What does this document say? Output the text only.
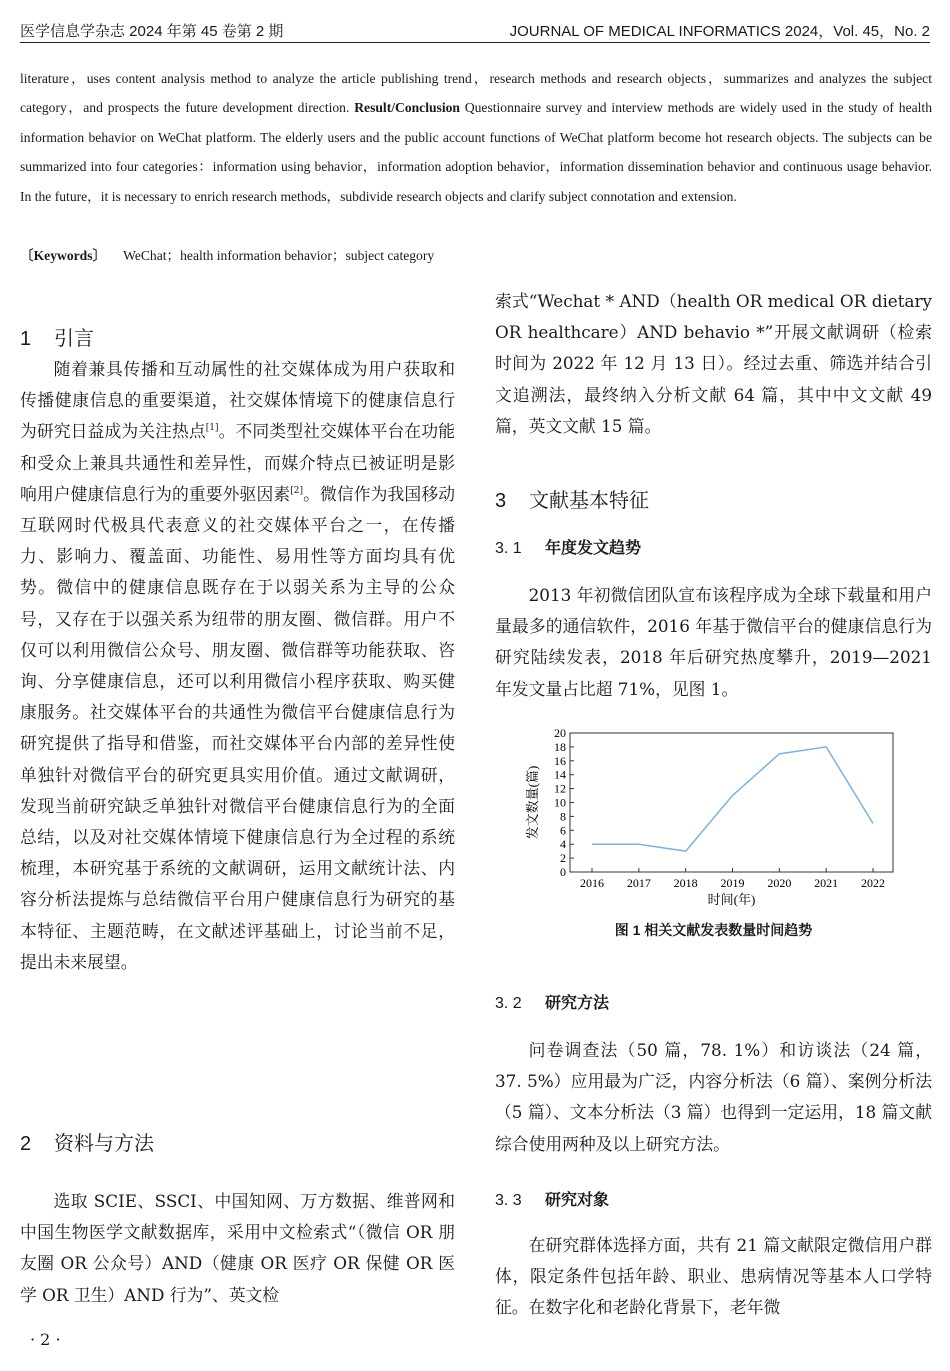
医学信息学杂志 2024 年第 45 卷第 2 期	JOURNAL OF MEDICAL INFORMATICS 2024，Vol. 45，No. 2
literature，uses content analysis method to analyze the article publishing trend，research methods and research objects，summarizes and analyzes the subject category，and prospects the future development direction. Result/Conclusion Questionnaire survey and interview methods are widely used in the study of health information behavior on WeChat platform. The elderly users and the public account functions of WeChat platform become hot research objects. The subjects can be summarized into four categories：information using behavior，information adoption behavior，information dissemination behavior and continuous usage behavior. In the future，it is necessary to enrich research methods，subdivide research objects and clarify subject connotation and extension.
〔Keywords〕 WeChat；health information behavior；subject category
1 引言

随着兼具传播和互动属性的社交媒体成为用户获取和传播健康信息的重要渠道，社交媒体情境下的健康信息行为研究日益成为关注热点[1]。不同类型社交媒体平台在功能和受众上兼具共通性和差异性，而媒介特点已被证明是影响用户健康信息行为的重要外驱因素[2]。微信作为我国移动互联网时代极具代表意义的社交媒体平台之一，在传播力、影响力、覆盖面、功能性、易用性等方面均具有优势。微信中的健康信息既存在于以弱关系为主导的公众号，又存在于以强关系为纽带的朋友圈、微信群。用户不仅可以利用微信公众号、朋友圈、微信群等功能获取、咨询、分享健康信息，还可以利用微信小程序获取、购买健康服务。社交媒体平台的共通性为微信平台健康信息行为研究提供了指导和借鉴，而社交媒体平台内部的差异性使单独针对微信平台的研究更具实用价值。通过文献调研，发现当前研究缺乏单独针对微信平台健康信息行为的全面总结，以及对社交媒体情境下健康信息行为全过程的系统梳理，本研究基于系统的文献调研，运用文献统计法、内容分析法提炼与总结微信平台用户健康信息行为研究的基本特征、主题范畴，在文献述评基础上，讨论当前不足，提出未来展望。

2 资料与方法

选取 SCIE、SSCI、中国知网、万方数据、维普网和中国生物医学文献数据库，采用中文检索式“（微信 OR 朋友圈 OR 公众号）AND（健康 OR 医疗 OR 保健 OR 医学 OR 卫生）AND 行为”、英文检

索式“Wechat * AND（health OR medical OR dietary OR healthcare）AND behavio *”开展文献调研（检索时间为 2022 年 12 月 13 日）。经过去重、筛选并结合引文追溯法，最终纳入分析文献 64 篇，其中中文文献 49 篇，英文文献 15 篇。

3 文献基本特征
3. 1 年度发文趋势

2013 年初微信团队宣布该程序成为全球下载量和用户量最多的通信软件，2016 年基于微信平台的健康信息行为研究陆续发表，2018 年后研究热度攀升，2019—2021 年发文量占比超 71%，见图 1。

0
2
4
6
8
10
12
14
16
18
20
2016 2017 2018 2019 2020 2021 2022
发文数量(篇)
时间(年)
图 1 相关文献发表数量时间趋势
3. 2 研究方法

问卷调查法（50 篇，78. 1%）和访谈法（24 篇，37. 5%）应用最为广泛，内容分析法（6 篇）、案例分析法（5 篇）、文本分析法（3 篇）也得到一定运用，18 篇文献综合使用两种及以上研究方法。

3. 3 研究对象

在研究群体选择方面，共有 21 篇文献限定微信用户群体，限定条件包括年龄、职业、患病情况等基本人口学特征。在数字化和老龄化背景下，老年微

· 2 ·
